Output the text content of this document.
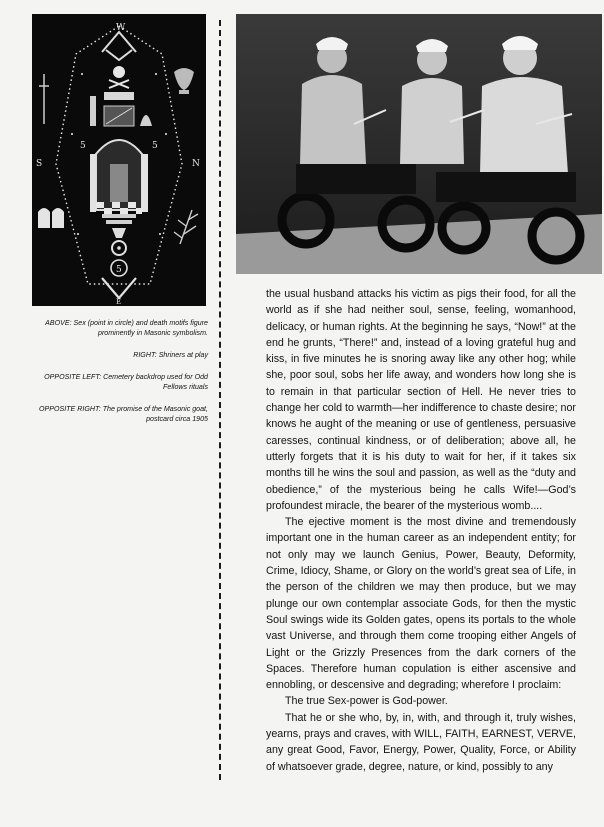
W
S	N
E
5	5
5

ABOVE: Sex (point in circle) and death motifs figure prominently in Masonic symbolism.

RIGHT: Shriners at play

OPPOSITE LEFT: Cemetery backdrop used for Odd Fellows rituals

OPPOSITE RIGHT: The promise of the Masonic goat, postcard circa 1905

the usual husband attacks his victim as pigs their food, for all the world as if she had neither soul, sense, feeling, womanhood, delicacy, or human rights. At the beginning he says, “Now!” at the end he grunts, “There!” and, instead of a loving grateful hug and kiss, in five minutes he is snoring away like any other hog; while she, poor soul, sobs her life away, and wonders how long she is to remain in that particular section of Hell. He never tries to change her cold to warmth—her indifference to chaste desire; nor knows he aught of the meaning or use of gentleness, persuasive caresses, continual kindness, or of deliberation; above all, he utterly forgets that it is his duty to wait for her, if it takes six months till he wins the soul and passion, as well as the “duty and obedience,” of the mysterious being he calls Wife!—God’s profoundest miracle, the bearer of the mysterious womb....

The ejective moment is the most divine and tremendously important one in the human career as an independent entity; for not only may we launch Genius, Power, Beauty, Deformity, Crime, Idiocy, Shame, or Glory on the world’s great sea of Life, in the person of the children we may then produce, but we may plunge our own contemplar associate Gods, for then the mystic Soul swings wide its Golden gates, opens its portals to the whole vast Universe, and through them come trooping either Angels of Light or the Grizzly Presences from the dark corners of the Spaces. Therefore human copulation is either ascensive and ennobling, or descensive and degrading; wherefore I proclaim:

The true Sex-power is God-power.

That he or she who, by, in, with, and through it, truly wishes, yearns, prays and craves, with WILL, FAITH, EARNEST, VERVE, any great Good, Favor, Energy, Power, Quality, Force, or Ability of whatsoever grade, degree, nature, or kind, possibly to any
